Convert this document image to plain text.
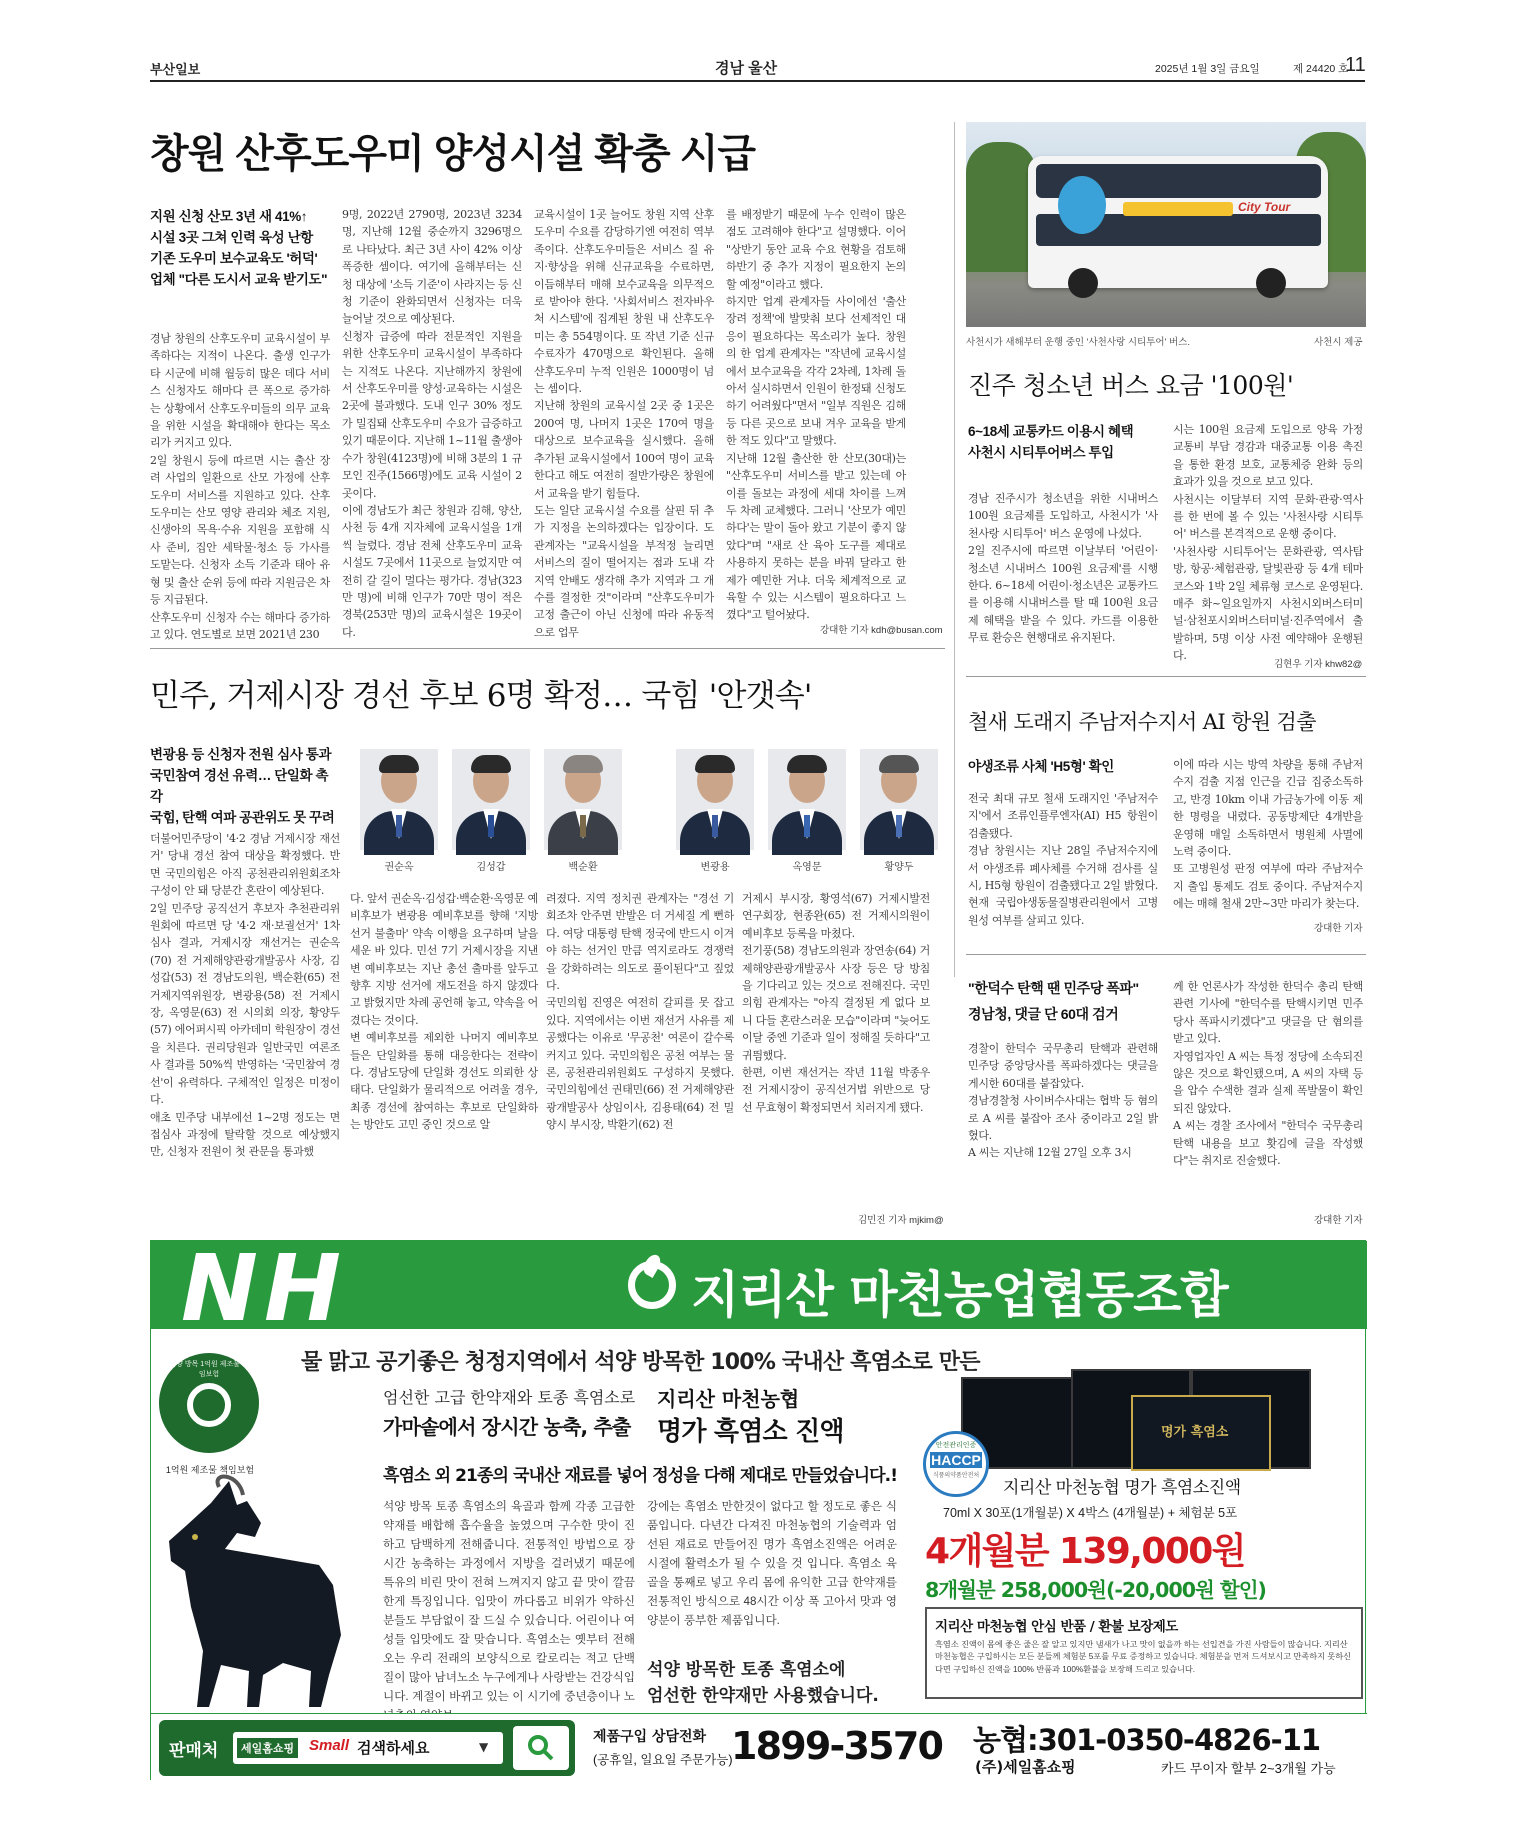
부산일보	경남 울산	2025년 1월 3일 금요일	제 24420 호
11
창원 산후도우미 양성시설 확충 시급
지원 신청 산모 3년 새 41%↑
시설 3곳 그쳐 인력 육성 난항
기존 도우미 보수교육도 '허덕'
업체 "다른 도시서 교육 받기도"
경남 창원의 산후도우미 교육시설이 부족하다는 지적이 나온다. 출생 인구가 타 시군에 비해 월등히 많은 데다 서비스 신청자도 해마다 큰 폭으로 증가하는 상황에서 산후도우미들의 의무 교육을 위한 시설을 확대해야 한다는 목소리가 커지고 있다.
2일 창원시 등에 따르면 시는 출산 장려 사업의 일환으로 산모 가정에 산후도우미 서비스를 지원하고 있다. 산후도우미는 산모 영양 관리와 체조 지원, 신생아의 목욕·수유 지원을 포함해 식사 준비, 집안 세탁물·청소 등 가사를 도맡는다. 신청자 소득 기준과 태아 유형 및 출산 순위 등에 따라 지원금은 차등 지급된다.
산후도우미 신청자 수는 해마다 증가하고 있다. 연도별로 보면 2021년 230
9명, 2022년 2790명, 2023년 3234명, 지난해 12월 중순까지 3296명으로 나타났다. 최근 3년 사이 42% 이상 폭증한 셈이다. 여기에 올해부터는 신청 대상에 '소득 기준'이 사라지는 등 신청 기준이 완화되면서 신청자는 더욱 늘어날 것으로 예상된다.
신청자 급증에 따라 전문적인 지원을 위한 산후도우미 교육시설이 부족하다는 지적도 나온다. 지난해까지 창원에서 산후도우미를 양성·교육하는 시설은 2곳에 불과했다. 도내 인구 30% 정도가 밀집돼 산후도우미 수요가 급증하고 있기 때문이다. 지난해 1~11월 출생아 수가 창원(4123명)에 비해 3분의 1 규모인 진주(1566명)에도 교육 시설이 2곳이다.
이에 경남도가 최근 창원과 김해, 양산, 사천 등 4개 지자체에 교육시설을 1개씩 늘렸다. 경남 전체 산후도우미 교육시설도 7곳에서 11곳으로 늘었지만 여전히 갈 길이 멀다는 평가다. 경남(323만 명)에 비해 인구가 70만 명이 적은 경북(253만 명)의 교육시설은 19곳이다.
교육시설이 1곳 늘어도 창원 지역 산후도우미 수요를 감당하기엔 여전히 역부족이다. 산후도우미들은 서비스 질 유지·향상을 위해 신규교육을 수료하면, 이듬해부터 매해 보수교육을 의무적으로 받아야 한다. '사회서비스 전자바우처 시스템'에 집계된 창원 내 산후도우미는 총 554명이다. 또 작년 기준 신규수료자가 470명으로 확인된다. 올해 산후도우미 누적 인원은 1000명이 넘는 셈이다.
지난해 창원의 교육시설 2곳 중 1곳은 200여 명, 나머지 1곳은 170여 명을 대상으로 보수교육을 실시했다. 올해 추가된 교육시설에서 100여 명이 교육한다고 해도 여전히 절반가량은 창원에서 교육을 받기 힘들다.
도는 일단 교육시설 수요를 살핀 뒤 추가 지정을 논의하겠다는 입장이다. 도 관계자는 "교육시설을 부적정 늘리면 서비스의 질이 떨어지는 점과 도내 각 지역 안배도 생각해 추가 지역과 그 개수를 결정한 것"이라며 "산후도우미가 고정 출근이 아닌 신청에 따라 유동적으로 업무
를 배정받기 때문에 누수 인력이 많은 점도 고려해야 한다"고 설명했다. 이어 "상반기 동안 교육 수요 현황을 검토해 하반기 중 추가 지정이 필요한지 논의할 예정"이라고 했다.
하지만 업계 관계자들 사이에선 '출산 장려 정책'에 발맞춰 보다 선제적인 대응이 필요하다는 목소리가 높다. 창원의 한 업계 관계자는 "작년에 교육시설에서 보수교육을 각각 2차례, 1차례 돌아서 실시하면서 인원이 한정돼 신청도 하기 어려웠다"면서 "일부 직원은 김해 등 다른 곳으로 보내 겨우 교육을 받게 한 적도 있다"고 말했다.
지난해 12월 출산한 한 산모(30대)는 "산후도우미 서비스를 받고 있는데 아이를 돌보는 과정에 세대 차이를 느껴 두 차례 교체했다. 그러니 '산모가 예민하다'는 말이 돌아 왔고 기분이 좋지 않았다"며 "새로 산 육아 도구를 제대로 사용하지 못하는 분을 바꿔 달라고 한 제가 예민한 거냐. 더욱 체계적으로 교육할 수 있는 시스템이 필요하다고 느꼈다"고 털어놨다.
강대한 기자 kdh@busan.com
City Tour
사천시가 새해부터 운행 중인 '사천사랑 시티투어' 버스.	사천시 제공
진주 청소년 버스 요금 '100원'
6~18세 교통카드 이용시 혜택
사천시 시티투어버스 투입
경남 진주시가 청소년을 위한 시내버스 100원 요금제를 도입하고, 사천시가 '사천사랑 시티투어' 버스 운영에 나섰다.
2일 진주시에 따르면 이날부터 '어린이·청소년 시내버스 100원 요금제'를 시행한다. 6~18세 어린이·청소년은 교통카드를 이용해 시내버스를 탈 때 100원 요금제 혜택을 받을 수 있다. 카드를 이용한 무료 환승은 현행대로 유지된다.
시는 100원 요금제 도입으로 양육 가정 교통비 부담 경감과 대중교통 이용 촉진을 통한 환경 보호, 교통체증 완화 등의 효과가 있을 것으로 보고 있다.
사천시는 이달부터 지역 문화·관광·역사를 한 번에 볼 수 있는 '사천사랑 시티투어' 버스를 본격적으로 운행 중이다.
'사천사랑 시티투어'는 문화관광, 역사탐방, 항공·체험관광, 달빛관광 등 4개 테마코스와 1박 2일 체류형 코스로 운영된다. 매주 화~일요일까지 사천시외버스터미널·삼천포시외버스터미널·진주역에서 출발하며, 5명 이상 사전 예약해야 운행된다.
김현우 기자 khw82@
철새 도래지 주남저수지서 AI 항원 검출
야생조류 사체 'H5형' 확인
전국 최대 규모 철새 도래지인 '주남저수지'에서 조류인플루엔자(AI) H5 항원이 검출됐다.
경남 창원시는 지난 28일 주남저수지에서 야생조류 폐사체를 수거해 검사를 실시, H5형 항원이 검출됐다고 2일 밝혔다. 현재 국립야생동물질병관리원에서 고병원성 여부를 살피고 있다.
이에 따라 시는 방역 차량을 통해 주남저수지 검출 지점 인근을 긴급 집중소독하고, 반경 10km 이내 가금농가에 이동 제한 명령을 내렸다. 공동방제단 4개반을 운영해 매일 소독하면서 병원체 사멸에 노력 중이다.
또 고병원성 판정 여부에 따라 주남저수지 출입 통제도 검토 중이다. 주남저수지에는 매해 철새 2만~3만 마리가 찾는다.
강대한 기자
민주, 거제시장 경선 후보 6명 확정… 국힘 '안갯속'
변광용 등 신청자 전원 심사 통과
국민참여 경선 유력… 단일화 촉각
국힘, 탄핵 여파 공관위도 못 꾸려
더불어민주당이 '4·2 경남 거제시장 재선거' 당내 경선 참여 대상을 확정했다. 반면 국민의힘은 아직 공천관리위원회조차 구성이 안 돼 당분간 혼란이 예상된다.
2일 민주당 공직선거 후보자 추천관리위원회에 따르면 당 '4·2 재·보궐선거' 1차 심사 결과, 거제시장 재선거는 권순옥(70) 전 거제해양관광개발공사 사장, 김성갑(53) 전 경남도의원, 백순환(65) 전 거제지역위원장, 변광용(58) 전 거제시장, 옥영문(63) 전 시의회 의장, 황양두(57) 에어퍼시픽 아카데미 학원장이 경선을 치른다. 권리당원과 일반국민 여론조사 결과를 50%씩 반영하는 '국민참여 경선'이 유력하다. 구체적인 일정은 미정이다.
애초 민주당 내부에선 1~2명 정도는 면접심사 과정에 탈락할 것으로 예상했지만, 신청자 전원이 첫 관문을 통과했
권순옥	김성갑	백순환	변광용	옥영문	황양두
다. 앞서 권순옥·김성갑·백순환·옥영문 예비후보가 변광용 예비후보를 향해 '지방선거 불출마' 약속 이행을 요구하며 날을 세운 바 있다. 민선 7기 거제시장을 지낸 변 예비후보는 지난 총선 출마를 앞두고 향후 지방 선거에 재도전을 하지 않겠다고 밝혔지만 차례 공언해 놓고, 약속을 어겼다는 것이다.
변 예비후보를 제외한 나머지 예비후보들은 단일화를 통해 대응한다는 전략이다. 경남도당에 단일화 경선도 의뢰한 상태다. 단일화가 물리적으로 어려울 경우, 최종 경선에 참여하는 후보로 단일화하는 방안도 고민 중인 것으로 알
려졌다. 지역 정치권 관계자는 "경선 기회조차 안주면 반발은 더 거세질 게 뻔하다. 여당 대통령 탄핵 정국에 반드시 이겨야 하는 선거인 만큼 역지로라도 경쟁력을 강화하려는 의도로 풀이된다"고 짚었다.
국민의힘 진영은 여전히 갈피를 못 잡고 있다. 지역에서는 이번 재선거 사유를 제공했다는 이유로 '무공천' 여론이 갈수록 커지고 있다. 국민의힘은 공천 여부는 물론, 공천관리위원회도 구성하지 못했다. 국민의힘에선 권태민(66) 전 거제해양관광개발공사 상임이사, 김용태(64) 전 밀양시 부시장, 박환기(62) 전
거제시 부시장, 황영석(67) 거제시발전연구회장, 현종완(65) 전 거제시의원이 예비후보 등록을 마쳤다.
전기풍(58) 경남도의원과 장연송(64) 거제해양관광개발공사 사장 등은 당 방침을 기다리고 있는 것으로 전해진다. 국민의힘 관계자는 "아직 결정된 게 없다 보니 다들 혼란스러운 모습"이라며 "늦어도 이달 중엔 기준과 일이 정해질 듯하다"고 귀띔했다.
한편, 이번 재선거는 작년 11월 박종우 전 거제시장이 공직선거법 위반으로 당선 무효형이 확정되면서 치러지게 됐다.
김민진 기자 mjkim@
"한덕수 탄핵 땐 민주당 폭파"
경남청, 댓글 단 60대 검거
경찰이 한덕수 국무총리 탄핵과 관련해 민주당 중앙당사를 폭파하겠다는 댓글을 게시한 60대를 붙잡았다.
경남경찰청 사이버수사대는 협박 등 혐의로 A 씨를 붙잡아 조사 중이라고 2일 밝혔다.
A 씨는 지난해 12월 27일 오후 3시
께 한 언론사가 작성한 한덕수 총리 탄핵 관련 기사에 "한덕수를 탄핵시키면 민주당사 폭파시키겠다"고 댓글을 단 혐의를 받고 있다.
자영업자인 A 씨는 특정 정당에 소속되진 않은 것으로 확인됐으며, A 씨의 자택 등을 압수 수색한 결과 실제 폭발물이 확인되진 않았다.
A 씨는 경찰 조사에서 "한덕수 국무총리 탄핵 내용을 보고 홧김에 글을 작성했다"는 취지로 진술했다.
강대한 기자
NH	지리산 마천농업협동조합
물 맑고 공기좋은 청정지역에서 석양 방목한 100% 국내산 흑염소로 만든
석양 방목 1억원 제조물 책임보험
1억원 제조물 책임보험
엄선한 고급 한약재와 토종 흑염소로
가마솥에서 장시간 농축, 추출
지리산 마천농협
명가 흑염소 진액
흑염소 외 21종의 국내산 재료를 넣어 정성을 다해 제대로 만들었습니다.!
석양 방목 토종 흑염소의 육골과 함께 각종 고급한약재를 배합해 흡수율을 높였으며 구수한 맛이 진하고 담백하게 전해줍니다. 전통적인 방법으로 장시간 농축하는 과정에서 지방을 걸러냈기 때문에 특유의 비린 맛이 전혀 느껴지지 않고 끝 맛이 깔끔한게 특징입니다. 입맛이 까다롭고 비위가 약하신 분들도 부담없이 잘 드실 수 있습니다. 어린이나 여성들 입맛에도 잘 맞습니다. 흑염소는 옛부터 전해오는 우리 전래의 보양식으로 칼로리는 적고 단백질이 많아 남녀노소 누구에게나 사랑받는 건강식입니다. 계절이 바뀌고 있는 이 시기에 중년층이나 노
강에는 흑염소 만한것이 없다고 할 정도로 좋은 식품입니다. 다년간 다져진 마천농협의 기술력과 엄선된 재료로 만들어진 명가 흑염소진액은 어려운 시절에 활력소가 될 수 있을 것 입니다. 흑염소 육골을 통째로 넣고 우리 몸에 유익한 고급 한약재를 전통적인 방식으로 48시간 이상 푹 고아서 맛과 영양분이 풍부한 제품입니다.
석양 방목한 토종 흑염소에
엄선한 한약재만 사용했습니다.
명가 흑염소
안전관리인증
HACCP
식품의약품안전처
지리산 마천농협 명가 흑염소진액
70ml X 30포(1개월분) X 4박스 (4개월분) + 체험분 5포
4개월분 139,000원
8개월분 258,000원(-20,000원 할인)
지리산 마천농협 안심 반품 / 환불 보장제도
흑염소 진액이 몸에 좋은 줄은 잘 알고 있지만 냄새가 나고 맛이 없을까 하는 선입견을 가진 사람들이 많습니다. 지리산 마천농협은 구입하시는 모든 분들께 체험분 5포를 무료 증정하고 있습니다. 체험분을 먼저 드셔보시고 만족하지 못하신다면 구입하신 진액을 100% 반품과 100%환불을 보장해 드리고 있습니다.
판매처	세일홈쇼핑 Small 검색하세요	▼
제품구입 상담전화
(공휴일, 일요일 주문가능)
1899-3570 농협:301-0350-4826-11
(주)세일홈쇼핑	카드 무이자 할부 2~3개월 가능
